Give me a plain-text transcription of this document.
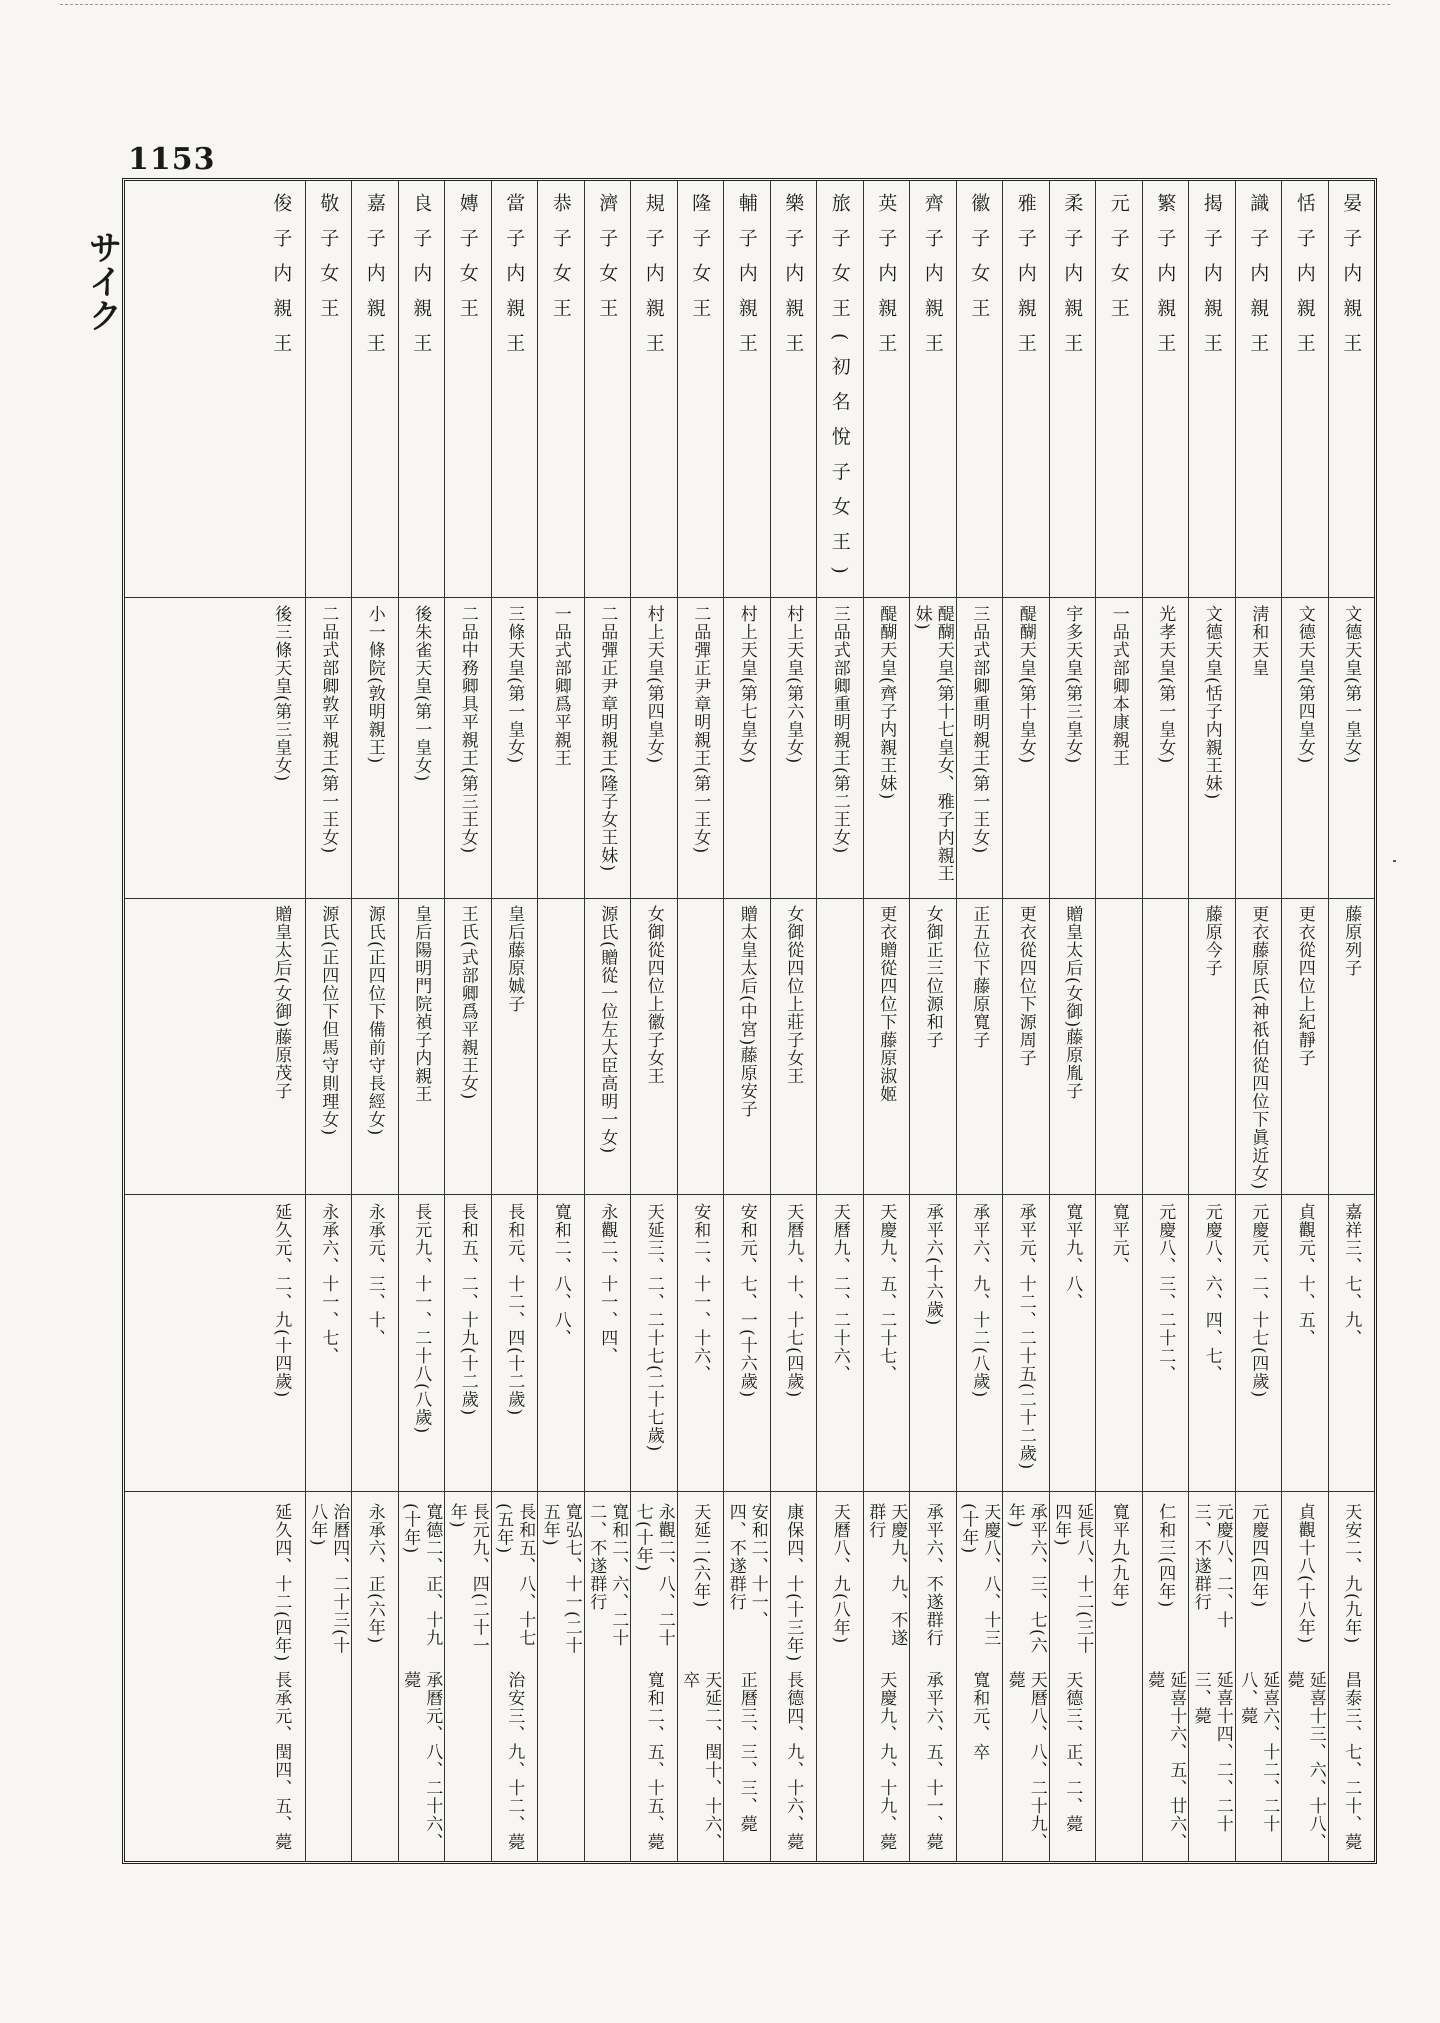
1153
サイク	晏子内親王
文德天皇(第一皇女)
藤原列子
嘉祥三、七、九、
天安二、九(九年)
昌泰三、七、二十、薨
恬子内親王
文德天皇(第四皇女)
更衣從四位上紀靜子
貞觀元、十、五、
貞觀十八(十八年)
延喜十三、六、十八、薨
識子内親王
淸和天皇
更衣藤原氏(神祇伯從四位下眞近女)
元慶元、二、十七(四歲)
元慶四(四年)
延喜六、十二、二十八、薨
揭子内親王
文德天皇(恬子内親王妹)
藤原今子
元慶八、六、四、七、
元慶八、二、十三、不遂群行
延喜十四、二、二十三、薨
繁子内親王
光孝天皇(第一皇女)
元慶八、三、二十二、
仁和三(四年)
延喜十六、五、廿六、薨
元子女王
一品式部卿本康親王
寬平元、
寬平九(九年)
柔子内親王
宇多天皇(第三皇女)
贈皇太后(女御)藤原胤子
寬平九、八、
延長八、十二(三十四年)
天德三、正、二、薨
雅子内親王
醍醐天皇(第十皇女)
更衣從四位下源周子
承平元、十二、二十五(二十二歲)
承平六、三、七(六年)
天曆八、八、二十九、薨
徽子女王
三品式部卿重明親王(第一王女)
正五位下藤原寬子
承平六、九、十二(八歲)
天慶八、八、十三(十年)
寬和元、卒
齊子内親王
醍醐天皇(第十七皇女、雅子内親王妹)
女御正三位源和子
承平六(十六歲)
承平六、不遂群行
承平六、五、十一、薨
英子内親王
醍醐天皇(齊子内親王妹)
更衣贈從四位下藤原淑姬
天慶九、五、二十七、
天慶九、九、不遂群行
天慶九、九、十九、薨
旅子女王(初名悅子女王)
三品式部卿重明親王(第二王女)
天曆九、二、二十六、
天曆八、九(八年)
樂子内親王
村上天皇(第六皇女)
女御從四位上莊子女王
天曆九、十、十七(四歲)
康保四、十(十三年)
長德四、九、十六、薨
輔子内親王
村上天皇(第七皇女)
贈太皇太后(中宮)藤原安子
安和元、七、一(十六歲)
安和二、十一、四、不遂群行
正曆三、三、三、薨
隆子女王
二品彈正尹章明親王(第一王女)
安和二、十一、十六、
天延二(六年)
天延二、閏十、十六、卒
規子内親王
村上天皇(第四皇女)
女御從四位上徽子女王
天延三、二、二十七(二十七歲)
永觀二、八、二十七(十年)
寬和二、五、十五、薨
濟子女王
二品彈正尹章明親王(隆子女王妹)
源氏(贈從一位左大臣高明一女)
永觀二、十一、四、
寬和二、六、二十二、不遂群行
恭子女王
一品式部卿爲平親王
寬和二、八、八、
寬弘七、十一(二十五年)
當子内親王
三條天皇(第一皇女)
皇后藤原娍子
長和元、十二、四(十二歲)
長和五、八、十七(五年)
治安三、九、十二、薨
嫥子女王
二品中務卿具平親王(第三王女)
王氏(式部卿爲平親王女)
長和五、二、十九(十二歲)
長元九、四(二十一年)
良子内親王
後朱雀天皇(第一皇女)
皇后陽明門院禎子内親王
長元九、十一、二十八(八歲)
寬德二、正、十九(十年)
承曆元、八、二十六、薨
嘉子内親王
小一條院(敦明親王)
源氏(正四位下備前守長經女)
永承元、三、十、
永承六、正(六年)
敬子女王
二品式部卿敦平親王(第一王女)
源氏(正四位下但馬守則理女)
永承六、十一、七、
治曆四、二十三(十八年)
俊子内親王
後三條天皇(第三皇女)
贈皇太后(女御)藤原茂子
延久元、二、九(十四歲)
延久四、十二(四年)
長承元、閏四、五、薨
